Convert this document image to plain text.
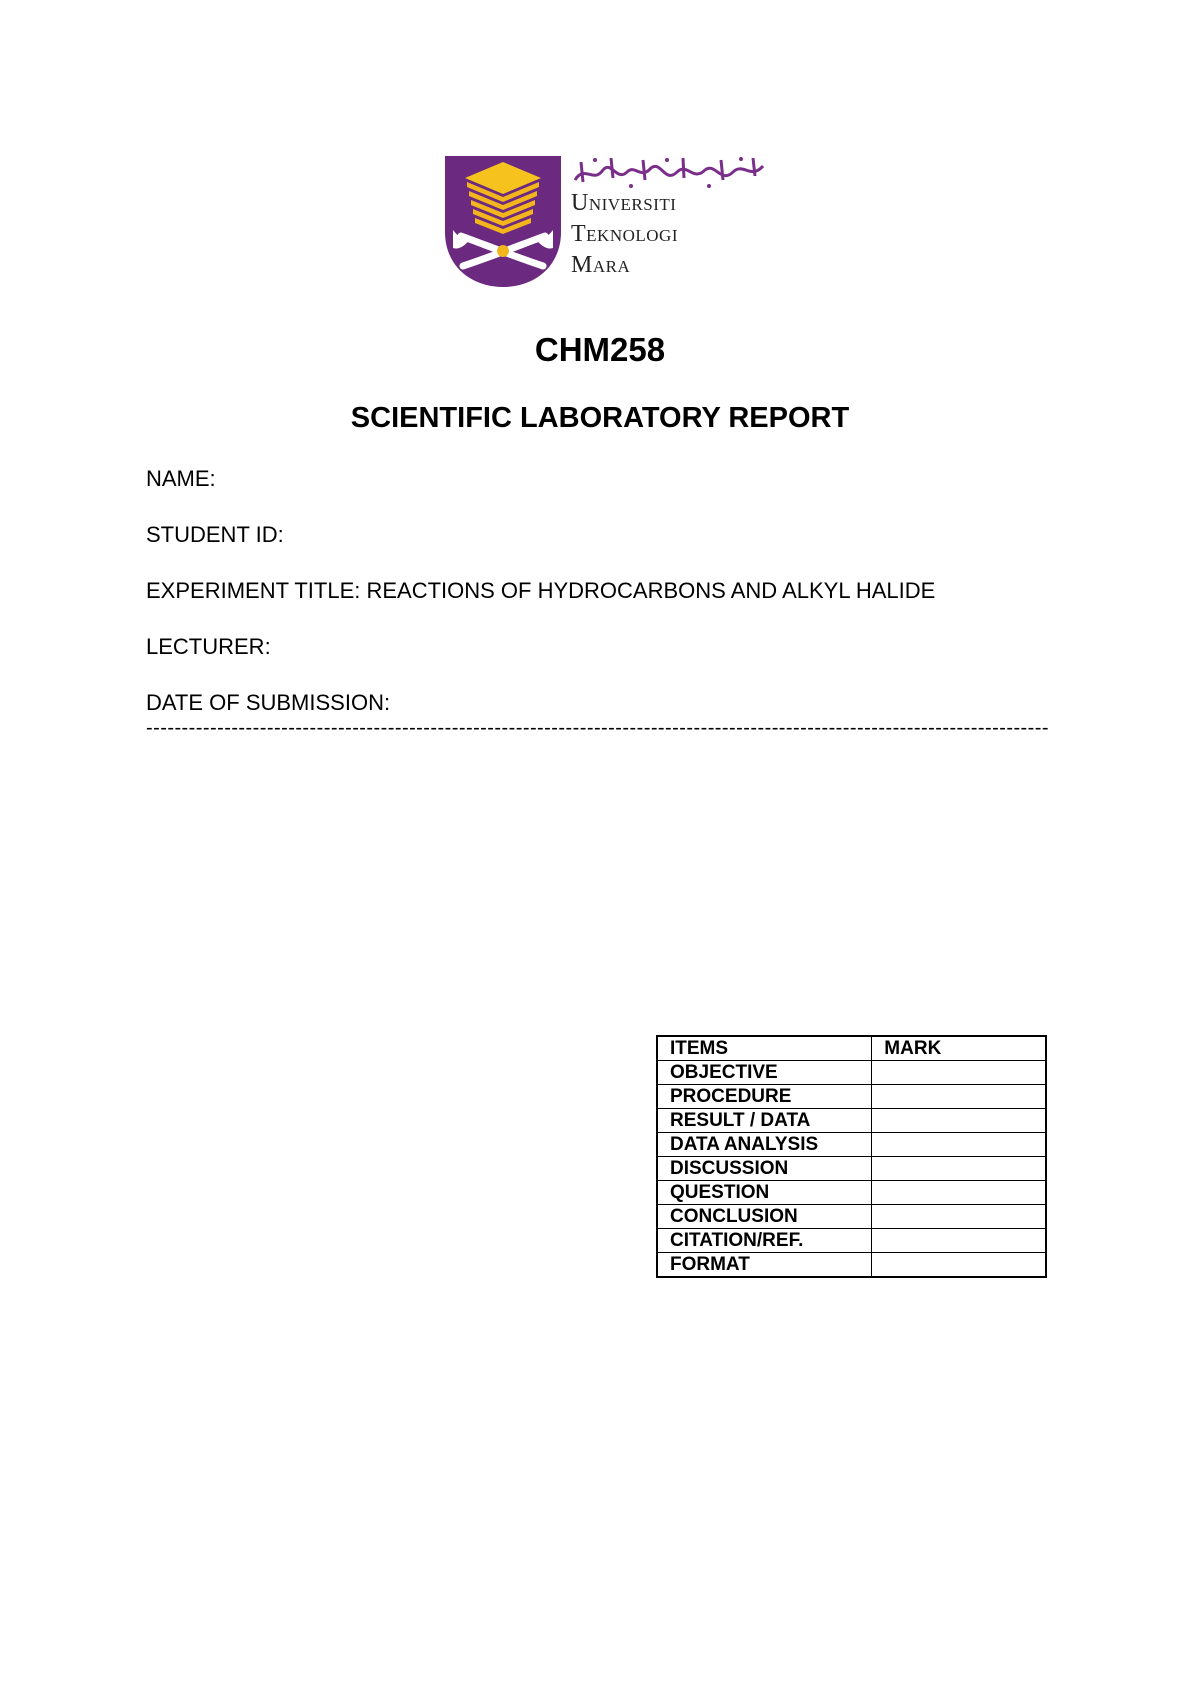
Universiti
Teknologi
Mara
CHM258
SCIENTIFIC LABORATORY REPORT
NAME:
STUDENT ID:
EXPERIMENT TITLE: REACTIONS OF HYDROCARBONS AND ALKYL HALIDE
LECTURER:
DATE OF SUBMISSION:
-------------------------------------------------------------------------------------------------------------------------------
ITEMS	MARK
OBJECTIVE	
PROCEDURE	
RESULT / DATA	
DATA ANALYSIS	
DISCUSSION	
QUESTION	
CONCLUSION	
CITATION/REF.	
FORMAT	
